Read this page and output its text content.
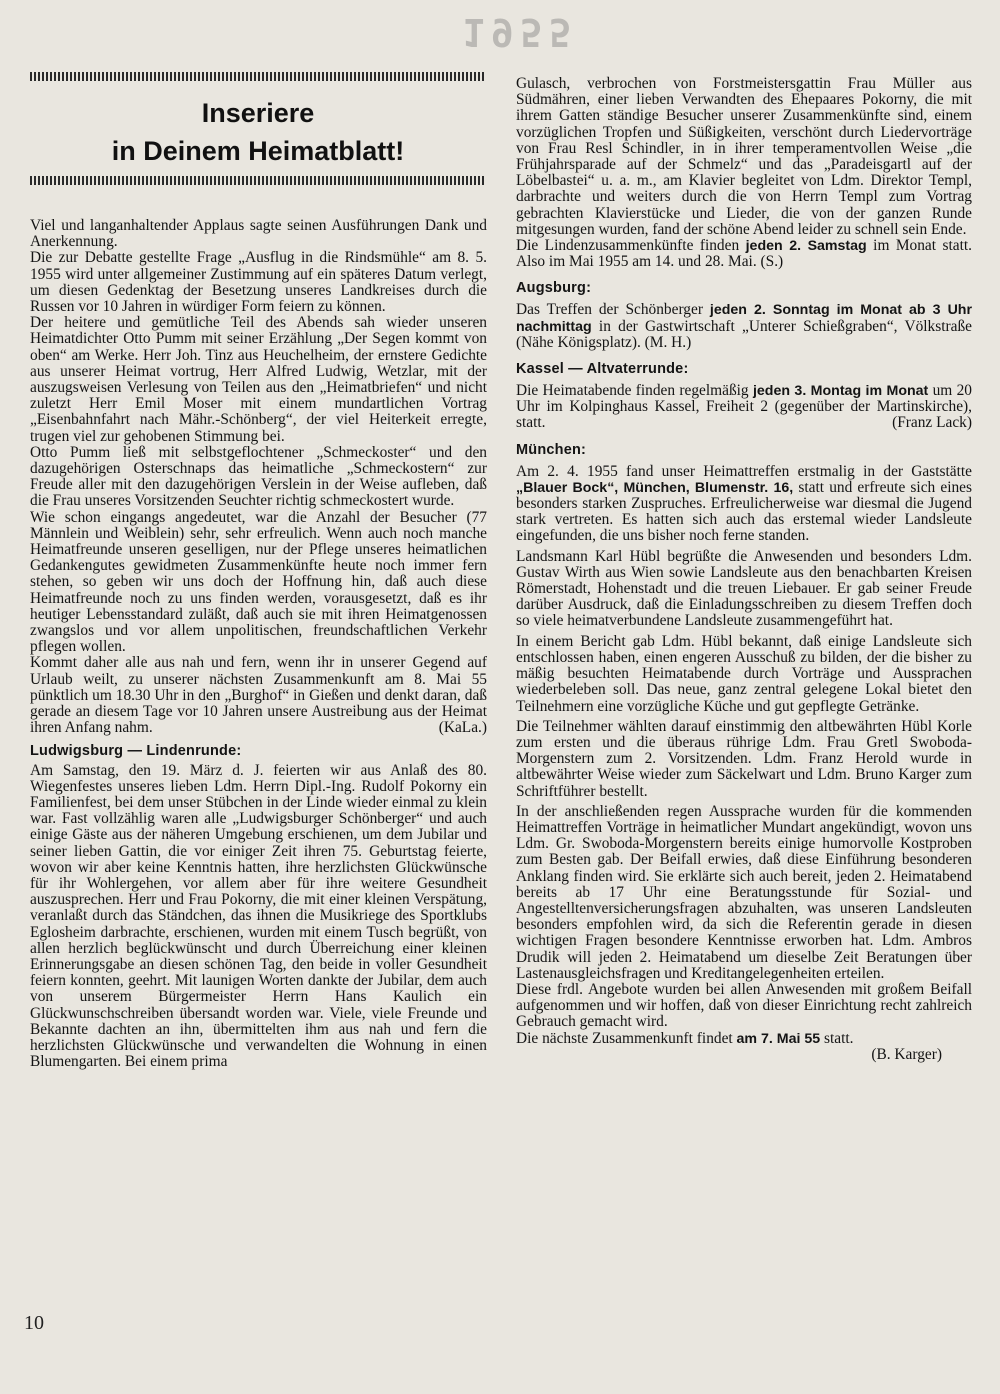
1955
Inseriere
in Deinem Heimatblatt!

Viel und langanhaltender Applaus sagte seinen Ausführungen Dank und Anerkennung.

Die zur Debatte gestellte Frage „Ausflug in die Rindsmühle“ am 8. 5. 1955 wird unter allgemeiner Zustimmung auf ein späteres Datum verlegt, um diesen Gedenktag der Besetzung unseres Landkreises durch die Russen vor 10 Jahren in würdiger Form feiern zu können.

Der heitere und gemütliche Teil des Abends sah wieder unseren Heimatdichter Otto Pumm mit seiner Erzählung „Der Segen kommt von oben“ am Werke. Herr Joh. Tinz aus Heuchelheim, der ernstere Gedichte aus unserer Heimat vortrug, Herr Alfred Ludwig, Wetzlar, mit der auszugsweisen Verlesung von Teilen aus den „Heimatbriefen“ und nicht zuletzt Herr Emil Moser mit einem mundartlichen Vortrag „Eisenbahnfahrt nach Mähr.-Schönberg“, der viel Heiterkeit erregte, trugen viel zur gehobenen Stimmung bei.

Otto Pumm ließ mit selbstgeflochtener „Schmeckoster“ und den dazugehörigen Osterschnaps das heimatliche „Schmeckostern“ zur Freude aller mit den dazugehörigen Verslein in der Weise aufleben, daß die Frau unseres Vorsitzenden Seuchter richtig schmeckostert wurde.

Wie schon eingangs angedeutet, war die Anzahl der Besucher (77 Männlein und Weiblein) sehr, sehr erfreulich. Wenn auch noch manche Heimatfreunde unseren geselligen, nur der Pflege unseres heimatlichen Gedankengutes gewidmeten Zusammenkünfte heute noch immer fern stehen, so geben wir uns doch der Hoffnung hin, daß auch diese Heimatfreunde noch zu uns finden werden, vorausgesetzt, daß es ihr heutiger Lebensstandard zuläßt, daß auch sie mit ihren Heimatgenossen zwangslos und vor allem unpolitischen, freundschaftlichen Verkehr pflegen wollen.

Kommt daher alle aus nah und fern, wenn ihr in unserer Gegend auf Urlaub weilt, zu unserer nächsten Zusammenkunft am 8. Mai 55 pünktlich um 18.30 Uhr in den „Burghof“ in Gießen und denkt daran, daß gerade an diesem Tage vor 10 Jahren unsere Austreibung aus der Heimat ihren Anfang nahm.	(KaLa.)

Ludwigsburg — Lindenrunde:

Am Samstag, den 19. März d. J. feierten wir aus Anlaß des 80. Wiegenfestes unseres lieben Ldm. Herrn Dipl.-Ing. Rudolf Pokorny ein Familienfest, bei dem unser Stübchen in der Linde wieder einmal zu klein war. Fast vollzählig waren alle „Ludwigsburger Schönberger“ und auch einige Gäste aus der näheren Umgebung erschienen, um dem Jubilar und seiner lieben Gattin, die vor einiger Zeit ihren 75. Geburtstag feierte, wovon wir aber keine Kenntnis hatten, ihre herzlichsten Glückwünsche für ihr Wohlergehen, vor allem aber für ihre weitere Gesundheit auszusprechen. Herr und Frau Pokorny, die mit einer kleinen Verspätung, veranlaßt durch das Ständchen, das ihnen die Musikriege des Sportklubs Eglosheim darbrachte, erschienen, wurden mit einem Tusch begrüßt, von allen herzlich beglückwünscht und durch Überreichung einer kleinen Erinnerungsgabe an diesen schönen Tag, den beide in voller Gesundheit feiern konnten, geehrt. Mit launigen Worten dankte der Jubilar, dem auch von unserem Bürgermeister Herrn Hans Kaulich ein Glückwunschschreiben übersandt worden war. Viele, viele Freunde und Bekannte dachten an ihn, übermittelten ihm aus nah und fern die herzlichsten Glückwünsche und verwandelten die Wohnung in einen Blumengarten. Bei einem prima

Gulasch, verbrochen von Forstmeistersgattin Frau Müller aus Südmähren, einer lieben Verwandten des Ehepaares Pokorny, die mit ihrem Gatten ständige Besucher unserer Zusammenkünfte sind, einem vorzüglichen Tropfen und Süßigkeiten, verschönt durch Liedervorträge von Frau Resl Schindler, in in ihrer temperamentvollen Weise „die Frühjahrsparade auf der Schmelz“ und das „Paradeisgartl auf der Löbelbastei“ u. a. m., am Klavier begleitet von Ldm. Direktor Templ, darbrachte und weiters durch die von Herrn Templ zum Vortrag gebrachten Klavierstücke und Lieder, die von der ganzen Runde mitgesungen wurden, fand der schöne Abend leider zu schnell sein Ende.

Die Lindenzusammenkünfte finden jeden 2. Samstag im Monat statt. Also im Mai 1955 am 14. und 28. Mai. (S.)

Augsburg:

Das Treffen der Schönberger jeden 2. Sonntag im Monat ab 3 Uhr nachmittag in der Gastwirtschaft „Unterer Schießgraben“, Völkstraße (Nähe Königsplatz). (M. H.)

Kassel — Altvaterrunde:

Die Heimatabende finden regelmäßig jeden 3. Montag im Monat um 20 Uhr im Kolpinghaus Kassel, Freiheit 2 (gegenüber der Martinskirche), statt.	(Franz Lack)

München:

Am 2. 4. 1955 fand unser Heimattreffen erstmalig in der Gaststätte „Blauer Bock“, München, Blumenstr. 16, statt und erfreute sich eines besonders starken Zuspruches. Erfreulicherweise war diesmal die Jugend stark vertreten. Es hatten sich auch das erstemal wieder Landsleute eingefunden, die uns bisher noch ferne standen.

Landsmann Karl Hübl begrüßte die Anwesenden und besonders Ldm. Gustav Wirth aus Wien sowie Landsleute aus den benachbarten Kreisen Römerstadt, Hohenstadt und die treuen Liebauer. Er gab seiner Freude darüber Ausdruck, daß die Einladungsschreiben zu diesem Treffen doch so viele heimatverbundene Landsleute zusammengeführt hat.

In einem Bericht gab Ldm. Hübl bekannt, daß einige Landsleute sich entschlossen haben, einen engeren Ausschuß zu bilden, der die bisher zu mäßig besuchten Heimatabende durch Vorträge und Aussprachen wiederbeleben soll. Das neue, ganz zentral gelegene Lokal bietet den Teilnehmern eine vorzügliche Küche und gut gepflegte Getränke.

Die Teilnehmer wählten darauf einstimmig den altbewährten Hübl Korle zum ersten und die überaus rührige Ldm. Frau Gretl Swoboda-Morgenstern zum 2. Vorsitzenden. Ldm. Franz Herold wurde in altbewährter Weise wieder zum Säckelwart und Ldm. Bruno Karger zum Schriftführer bestellt.

In der anschließenden regen Aussprache wurden für die kommenden Heimattreffen Vorträge in heimatlicher Mundart angekündigt, wovon uns Ldm. Gr. Swoboda-Morgenstern bereits einige humorvolle Kostproben zum Besten gab. Der Beifall erwies, daß diese Einführung besonderen Anklang finden wird. Sie erklärte sich auch bereit, jeden 2. Heimatabend bereits ab 17 Uhr eine Beratungsstunde für Sozial- und Angestelltenversicherungsfragen abzuhalten, was unseren Landsleuten besonders empfohlen wird, da sich die Referentin gerade in diesen wichtigen Fragen besondere Kenntnisse erworben hat. Ldm. Ambros Drudik will jeden 2. Heimatabend um dieselbe Zeit Beratungen über Lastenausgleichsfragen und Kreditangelegenheiten erteilen.

Diese frdl. Angebote wurden bei allen Anwesenden mit großem Beifall aufgenommen und wir hoffen, daß von dieser Einrichtung recht zahlreich Gebrauch gemacht wird.

Die nächste Zusammenkunft findet am 7. Mai 55 statt.
(B. Karger)

10
